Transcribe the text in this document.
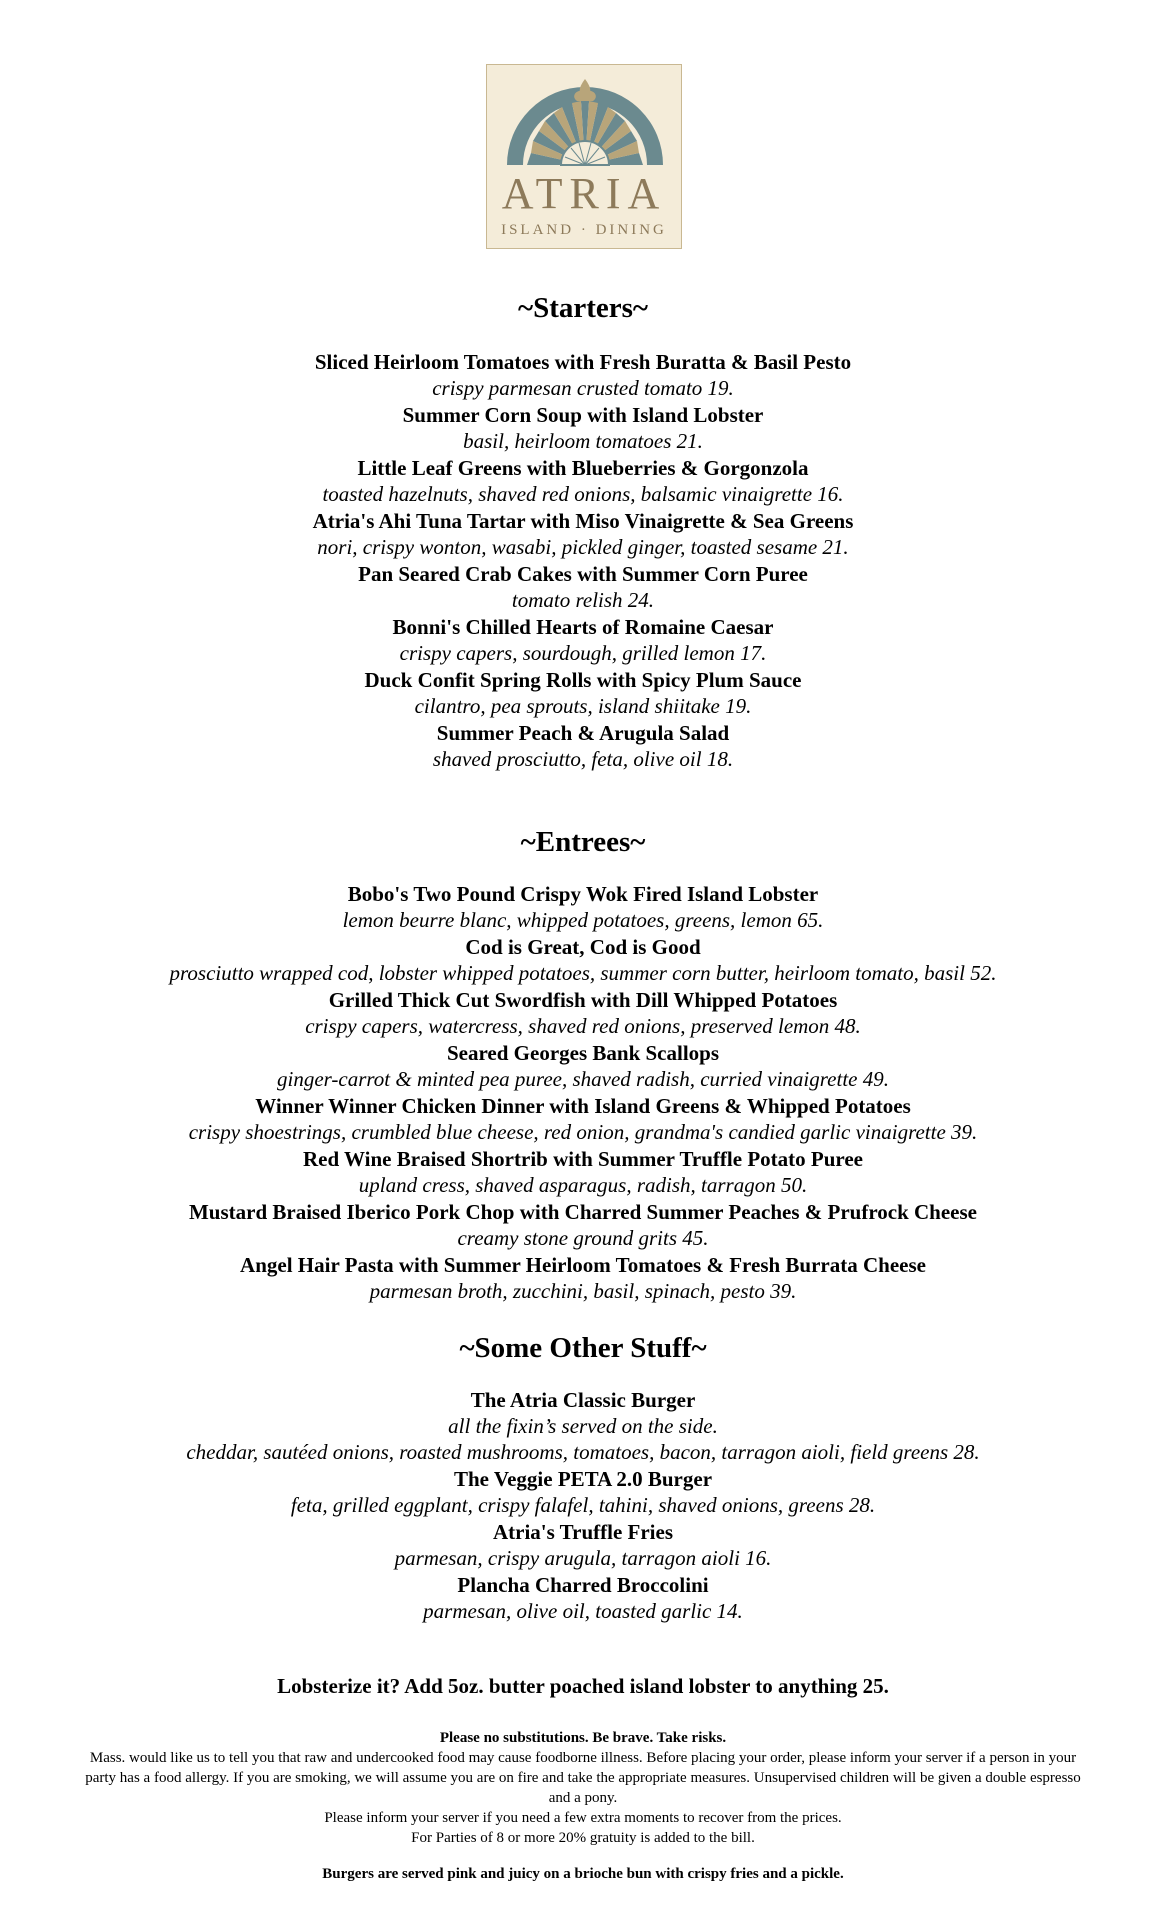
ATRIA
ISLAND · DINING
~Starters~
Sliced Heirloom Tomatoes with Fresh Buratta & Basil Pesto
crispy parmesan crusted tomato 19.
Summer Corn Soup with Island Lobster
basil, heirloom tomatoes 21.
Little Leaf Greens with Blueberries & Gorgonzola
toasted hazelnuts, shaved red onions, balsamic vinaigrette 16.
Atria's Ahi Tuna Tartar with Miso Vinaigrette & Sea Greens
nori, crispy wonton, wasabi, pickled ginger, toasted sesame 21.
Pan Seared Crab Cakes with Summer Corn Puree
tomato relish 24.
Bonni's Chilled Hearts of Romaine Caesar
crispy capers, sourdough, grilled lemon 17.
Duck Confit Spring Rolls with Spicy Plum Sauce
cilantro, pea sprouts, island shiitake 19.
Summer Peach & Arugula Salad
shaved prosciutto, feta, olive oil 18.
~Entrees~
Bobo's Two Pound Crispy Wok Fired Island Lobster
lemon beurre blanc, whipped potatoes, greens, lemon 65.
Cod is Great, Cod is Good
prosciutto wrapped cod, lobster whipped potatoes, summer corn butter, heirloom tomato, basil 52.
Grilled Thick Cut Swordfish with Dill Whipped Potatoes
crispy capers, watercress, shaved red onions, preserved lemon 48.
Seared Georges Bank Scallops
ginger-carrot & minted pea puree, shaved radish, curried vinaigrette 49.
Winner Winner Chicken Dinner with Island Greens & Whipped Potatoes
crispy shoestrings, crumbled blue cheese, red onion, grandma's candied garlic vinaigrette 39.
Red Wine Braised Shortrib with Summer Truffle Potato Puree
upland cress, shaved asparagus, radish, tarragon 50.
Mustard Braised Iberico Pork Chop with Charred Summer Peaches & Prufrock Cheese
creamy stone ground grits 45.
Angel Hair Pasta with Summer Heirloom Tomatoes & Fresh Burrata Cheese
parmesan broth, zucchini, basil, spinach, pesto 39.
~Some Other Stuff~
The Atria Classic Burger
all the fixin’s served on the side.
cheddar, sautéed onions, roasted mushrooms, tomatoes, bacon, tarragon aioli, field greens 28.
The Veggie PETA 2.0 Burger
feta, grilled eggplant, crispy falafel, tahini, shaved onions, greens 28.
Atria's Truffle Fries
parmesan, crispy arugula, tarragon aioli 16.
Plancha Charred Broccolini
parmesan, olive oil, toasted garlic 14.
Lobsterize it? Add 5oz. butter poached island lobster to anything 25.
Please no substitutions. Be brave. Take risks.
Mass. would like us to tell you that raw and undercooked food may cause foodborne illness. Before placing your order, please inform your server if a person in your party has a food allergy. If you are smoking, we will assume you are on fire and take the appropriate measures. Unsupervised children will be given a double espresso and a pony.
Please inform your server if you need a few extra moments to recover from the prices.
For Parties of 8 or more 20% gratuity is added to the bill.
Burgers are served pink and juicy on a brioche bun with crispy fries and a pickle.
